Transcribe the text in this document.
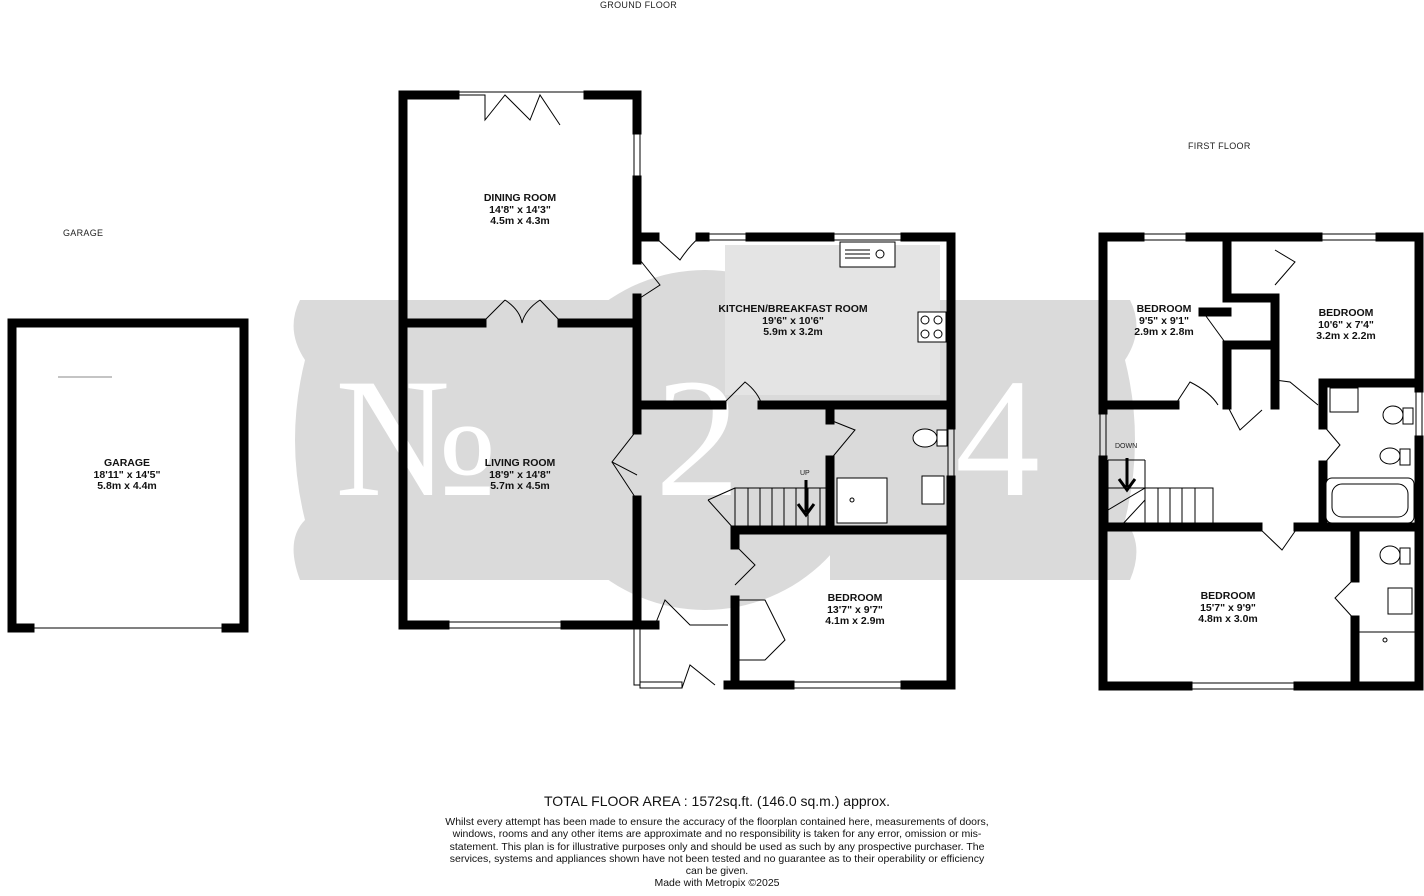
№ 2 4
GROUND FLOOR
FIRST FLOOR
GARAGE
GARAGE
18'11" x 14'5"
5.8m x 4.4m
DINING ROOM
14'8" x 14'3"
4.5m x 4.3m
LIVING ROOM
18'9" x 14'8"
5.7m x 4.5m
KITCHEN/BREAKFAST ROOM
19'6" x 10'6"
5.9m x 3.2m
BEDROOM
13'7" x 9'7"
4.1m x 2.9m
BEDROOM
9'5" x 9'1"
2.9m x 2.8m
BEDROOM
10'6" x 7'4"
3.2m x 2.2m
BEDROOM
15'7" x 9'9"
4.8m x 3.0m
UP
DOWN
TOTAL FLOOR AREA : 1572sq.ft. (146.0 sq.m.) approx.
Whilst every attempt has been made to ensure the accuracy of the floorplan contained here, measurements of doors, windows, rooms and any other items are approximate and no responsibility is taken for any error, omission or mis-statement. This plan is for illustrative purposes only and should be used as such by any prospective purchaser. The services, systems and appliances shown have not been tested and no guarantee as to their operability or efficiency can be given.
Made with Metropix ©2025
